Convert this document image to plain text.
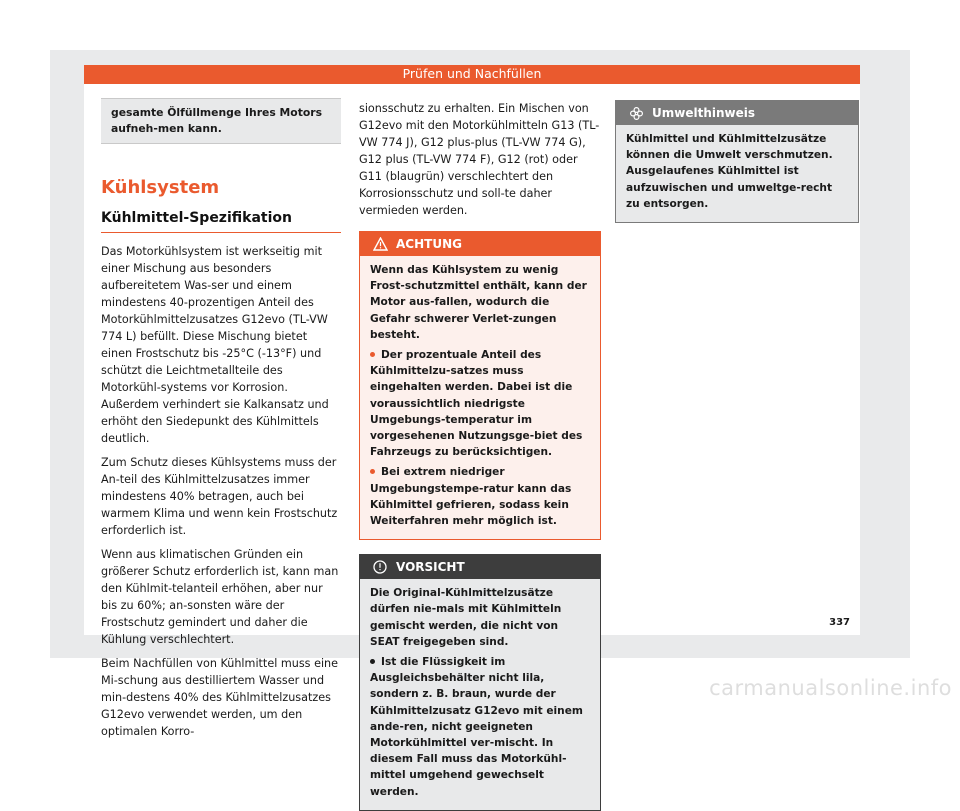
Prüfen und Nachfüllen
gesamte Ölfüllmenge Ihres Motors aufneh-men kann.
Kühlsystem
Kühlmittel-Spezifikation

Das Motorkühlsystem ist werkseitig mit einer Mischung aus besonders aufbereitetem Was-ser und einem mindestens 40-prozentigen Anteil des Motorkühlmittelzusatzes G12evo (TL-VW 774 L) befüllt. Diese Mischung bietet einen Frostschutz bis -25°C (-13°F) und schützt die Leichtmetallteile des Motorkühl-systems vor Korrosion. Außerdem verhindert sie Kalkansatz und erhöht den Siedepunkt des Kühlmittels deutlich.

Zum Schutz dieses Kühlsystems muss der An-teil des Kühlmittelzusatzes immer mindestens 40% betragen, auch bei warmem Klima und wenn kein Frostschutz erforderlich ist.

Wenn aus klimatischen Gründen ein größerer Schutz erforderlich ist, kann man den Kühlmit-telanteil erhöhen, aber nur bis zu 60%; an-sonsten wäre der Frostschutz gemindert und daher die Kühlung verschlechtert.

Beim Nachfüllen von Kühlmittel muss eine Mi-schung aus destilliertem Wasser und min-destens 40% des Kühlmittelzusatzes G12evo verwendet werden, um den optimalen Korro-

sionsschutz zu erhalten. Ein Mischen von G12evo mit den Motorkühlmitteln G13 (TL-VW 774 J), G12 plus-plus (TL-VW 774 G), G12 plus (TL-VW 774 F), G12 (rot) oder G11 (blaugrün) verschlechtert den Korrosionsschutz und soll-te daher vermieden werden.

ACHTUNG

Wenn das Kühlsystem zu wenig Frost-schutzmittel enthält, kann der Motor aus-fallen, wodurch die Gefahr schwerer Verlet-zungen besteht.

Der prozentuale Anteil des Kühlmittelzu-satzes muss eingehalten werden. Dabei ist die voraussichtlich niedrigste Umgebungs-temperatur im vorgesehenen Nutzungsge-biet des Fahrzeugs zu berücksichtigen.

Bei extrem niedriger Umgebungstempe-ratur kann das Kühlmittel gefrieren, sodass kein Weiterfahren mehr möglich ist.

VORSICHT

Die Original-Kühlmittelzusätze dürfen nie-mals mit Kühlmitteln gemischt werden, die nicht von SEAT freigegeben sind.

Ist die Flüssigkeit im Ausgleichsbehälter nicht lila, sondern z. B. braun, wurde der Kühlmittelzusatz G12evo mit einem ande-ren, nicht geeigneten Motorkühlmittel ver-mischt. In diesem Fall muss das Motorkühl-mittel umgehend gewechselt werden.

Umwelthinweis

Kühlmittel und Kühlmittelzusätze können die Umwelt verschmutzen. Ausgelaufenes Kühlmittel ist aufzuwischen und umweltge-recht zu entsorgen.

337
carmanualsonline.info
